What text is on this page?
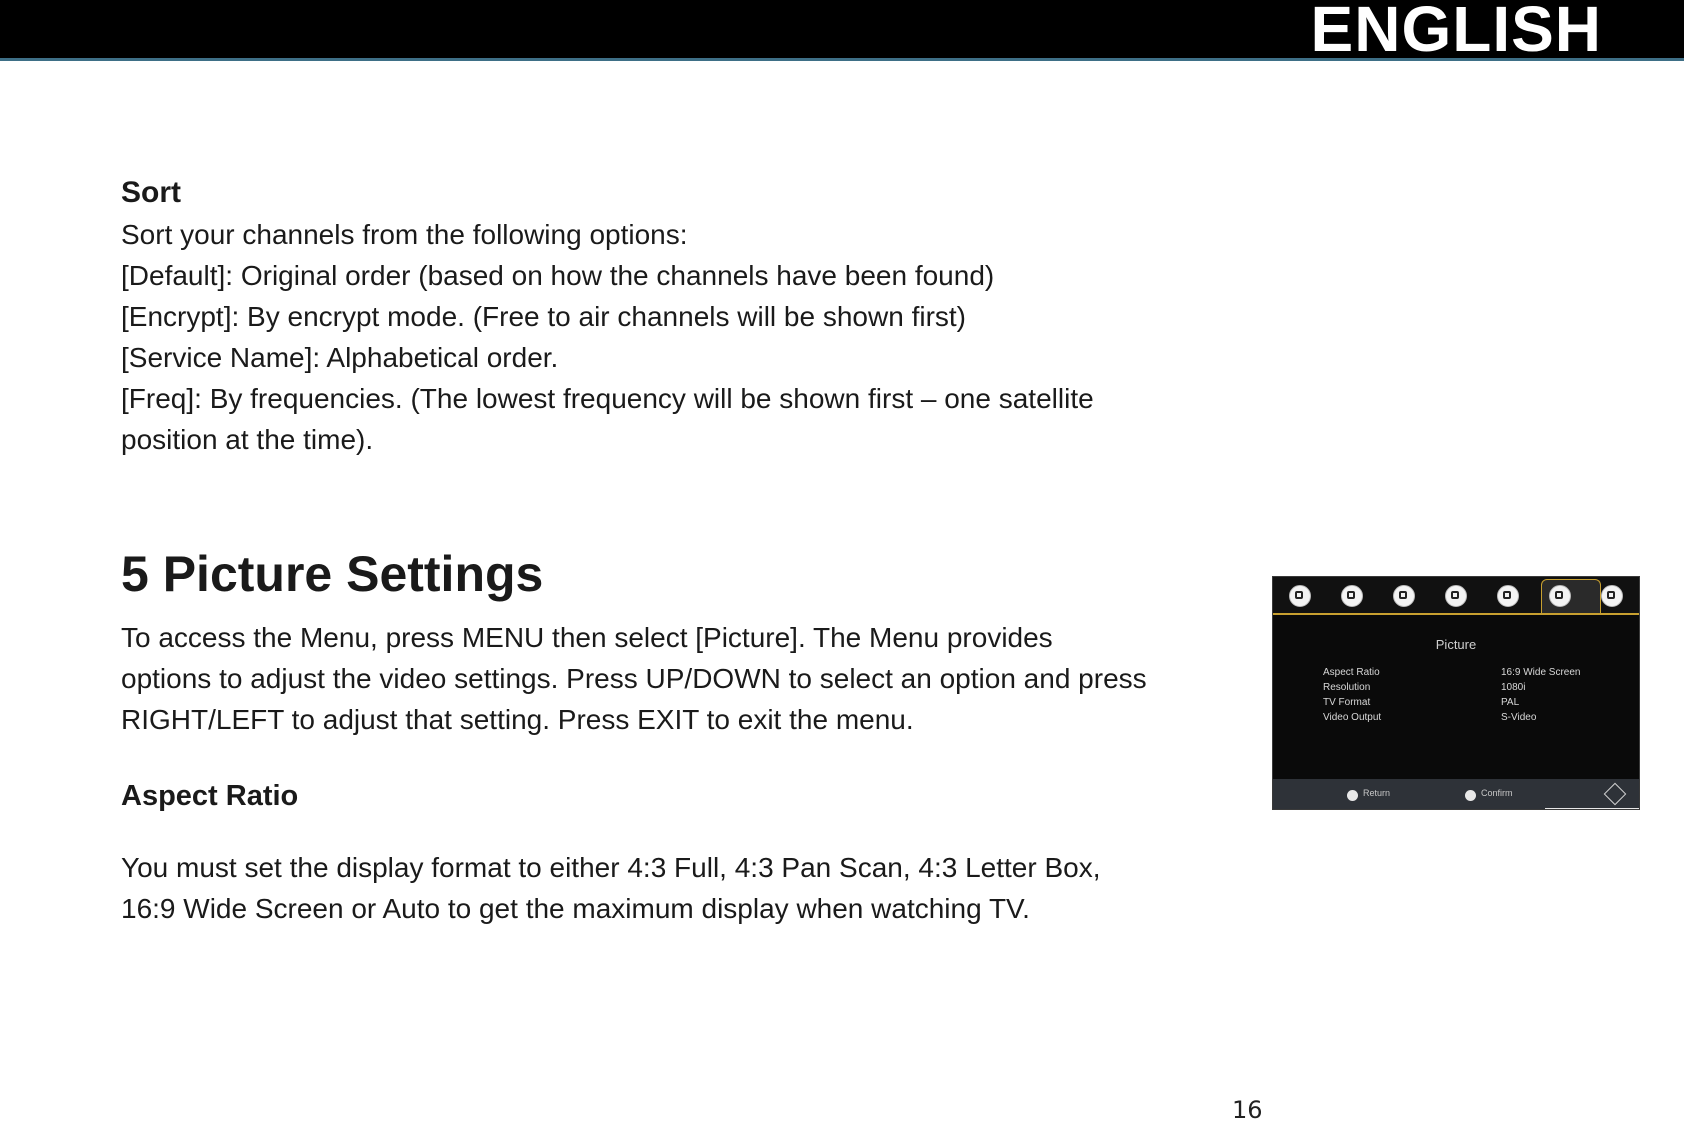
ENGLISH
Sort

Sort your channels from the following options:

[Default]: Original order (based on how the channels have been found)

[Encrypt]: By encrypt mode. (Free to air channels will be shown first)

[Service Name]: Alphabetical order.

[Freq]: By frequencies. (The lowest frequency will be shown first – one satellite

position at the time).

5 Picture Settings

To access the Menu, press MENU then select [Picture]. The Menu provides

options to adjust the video settings. Press UP/DOWN to select an option and press

RIGHT/LEFT to adjust that setting. Press EXIT to exit the menu.

Aspect Ratio

You must set the display format to either 4:3 Full, 4:3 Pan Scan, 4:3 Letter Box,

16:9 Wide Screen or Auto to get the maximum display when watching TV.

Picture
Aspect Ratio	16:9 Wide Screen
Resolution	1080i
TV Format	PAL
Video Output	S-Video
Return	Confirm
16
